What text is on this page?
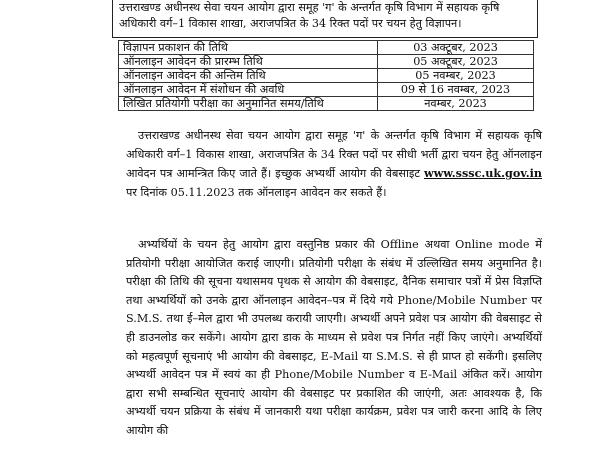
उत्तराखण्ड अधीनस्थ सेवा चयन आयोग द्वारा समूह 'ग' के अन्तर्गत कृषि विभाग में सहायक कृषि अधिकारी वर्ग–1 विकास शाखा, अराजपत्रित के 34 रिक्त पदों पर चयन हेतु विज्ञापन।
विज्ञापन प्रकाशन की तिथि	03 अक्टूबर, 2023
ऑनलाइन आवेदन की प्रारम्भ तिथि	05 अक्टूबर, 2023
ऑनलाइन आवेदन की अन्तिम तिथि	05 नवम्बर, 2023
ऑनलाइन आवेदन में संशोधन की अवधि	09 से 16 नवम्बर, 2023
लिखित प्रतियोगी परीक्षा का अनुमानित समय/तिथि	नवम्बर, 2023

उत्तराखण्ड अधीनस्थ सेवा चयन आयोग द्वारा समूह 'ग' के अन्तर्गत कृषि विभाग में सहायक कृषि अधिकारी वर्ग–1 विकास शाखा, अराजपत्रित के 34 रिक्त पदों पर सीधी भर्ती द्वारा चयन हेतु ऑनलाइन आवेदन पत्र आमन्त्रित किए जाते हैं। इच्छुक अभ्यर्थी आयोग की वेबसाइट www.sssc.uk.gov.in पर दिनांक 05.11.2023 तक ऑनलाइन आवेदन कर सकते हैं।

अभ्यर्थियों के चयन हेतु आयोग द्वारा वस्तुनिष्ठ प्रकार की Offline अथवा Online mode में प्रतियोगी परीक्षा आयोजित कराई जाएगी। प्रतियोगी परीक्षा के संबंध में उल्लिखित समय अनुमानित है। परीक्षा की तिथि की सूचना यथासमय पृथक से आयोग की वेबसाइट, दैनिक समाचार पत्रों में प्रेस विज्ञप्ति तथा अभ्यर्थियों को उनके द्वारा ऑनलाइन आवेदन–पत्र में दिये गये Phone/Mobile Number पर S.M.S. तथा ई–मेल द्वारा भी उपलब्ध करायी जाएगी। अभ्यर्थी अपने प्रवेश पत्र आयोग की वेबसाइट से ही डाउनलोड कर सकेंगे। आयोग द्वारा डाक के माध्यम से प्रवेश पत्र निर्गत नहीं किए जाएंगे। अभ्यर्थियों को महत्वपूर्ण सूचनाएं भी आयोग की वेबसाइट, E-Mail या S.M.S. से ही प्राप्त हो सकेंगी। इसलिए अभ्यर्थी आवेदन पत्र में स्वयं का ही Phone/Mobile Number व E-Mail अंकित करें। आयोग द्वारा सभी सम्बन्धित सूचनाएं आयोग की वेबसाइट पर प्रकाशित की जाएंगी, अतः आवश्यक है, कि अभ्यर्थी चयन प्रक्रिया के संबंध में जानकारी यथा परीक्षा कार्यक्रम, प्रवेश पत्र जारी करना आदि के लिए आयोग की
